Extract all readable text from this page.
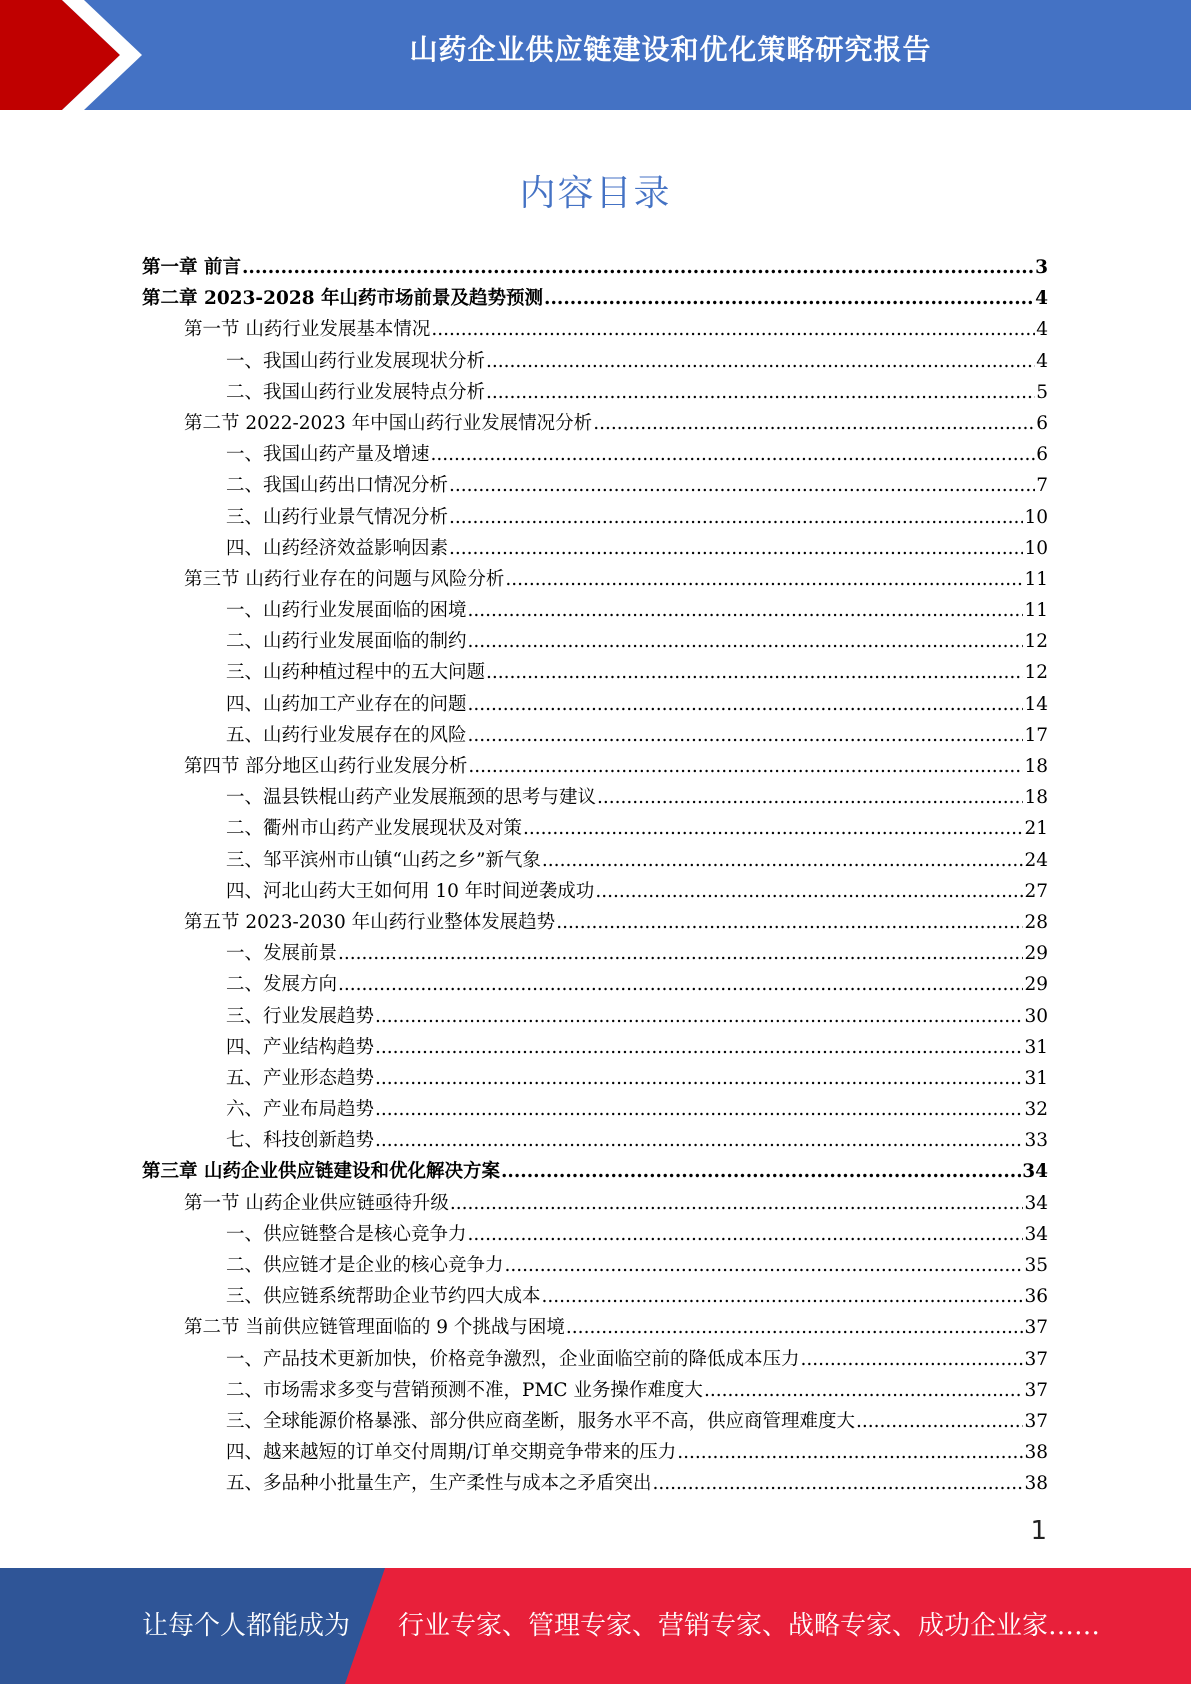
山药企业供应链建设和优化策略研究报告
内容目录
第一章 前言 .....	3
第二章 2023-2028 年山药市场前景及趋势预测 .....	4
第一节 山药行业发展基本情况 .....	4
一、我国山药行业发展现状分析 .....	4
二、我国山药行业发展特点分析 .....	5
第二节 2022-2023 年中国山药行业发展情况分析 .....	6
一、我国山药产量及增速 .....	6
二、我国山药出口情况分析 .....	7
三、山药行业景气情况分析 .....	10
四、山药经济效益影响因素 .....	10
第三节 山药行业存在的问题与风险分析 .....	11
一、山药行业发展面临的困境 .....	11
二、山药行业发展面临的制约 .....	12
三、山药种植过程中的五大问题 .....	12
四、山药加工产业存在的问题 .....	14
五、山药行业发展存在的风险 .....	17
第四节 部分地区山药行业发展分析 .....	18
一、温县铁棍山药产业发展瓶颈的思考与建议 .....	18
二、衢州市山药产业发展现状及对策 .....	21
三、邹平滨州市山镇“山药之乡”新气象 .....	24
四、河北山药大王如何用 10 年时间逆袭成功 .....	27
第五节 2023-2030 年山药行业整体发展趋势 .....	28
一、发展前景 .....	29
二、发展方向 .....	29
三、行业发展趋势 .....	30
四、产业结构趋势 .....	31
五、产业形态趋势 .....	31
六、产业布局趋势 .....	32
七、科技创新趋势 .....	33
第三章 山药企业供应链建设和优化解决方案 .....	34
第一节 山药企业供应链亟待升级 .....	34
一、供应链整合是核心竞争力 .....	34
二、供应链才是企业的核心竞争力 .....	35
三、供应链系统帮助企业节约四大成本 .....	36
第二节 当前供应链管理面临的 9 个挑战与困境 .....	37
一、产品技术更新加快，价格竞争激烈，企业面临空前的降低成本压力 .....	37
二、市场需求多变与营销预测不准，PMC 业务操作难度大 .....	37
三、全球能源价格暴涨、部分供应商垄断，服务水平不高，供应商管理难度大 .....	37
四、越来越短的订单交付周期/订单交期竞争带来的压力 .....	38
五、多品种小批量生产，生产柔性与成本之矛盾突出 .....	38
1
让每个人都能成为 行业专家、管理专家、营销专家、战略专家、成功企业家……
